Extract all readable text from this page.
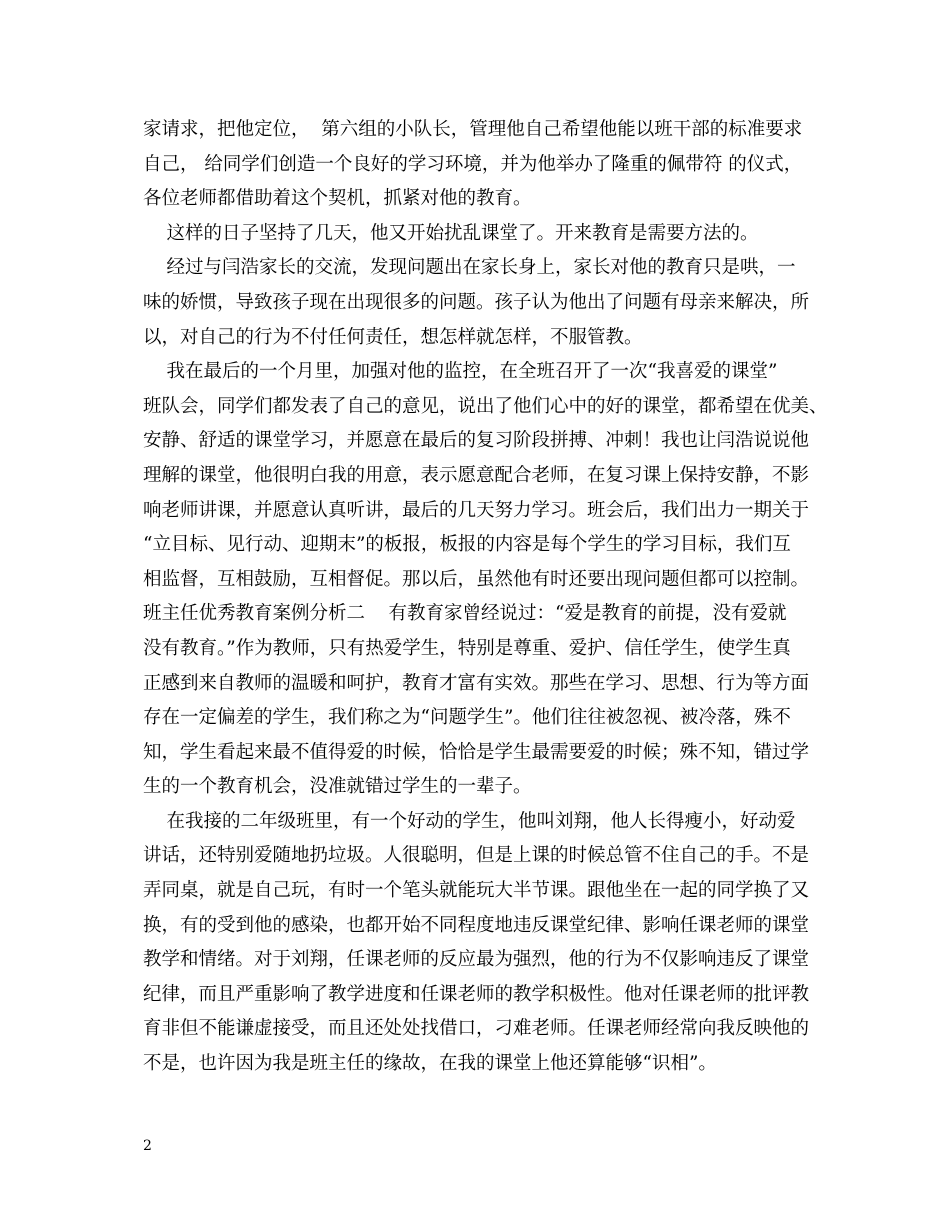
家请求，把他定位，  第六组的小队长，管理他自己希望他能以班干部的标准要求
自己， 给同学们创造一个良好的学习环境，并为他举办了隆重的佩带符 的仪式，
各位老师都借助着这个契机，抓紧对他的教育。
这样的日子坚持了几天，他又开始扰乱课堂了。开来教育是需要方法的。
经过与闫浩家长的交流，发现问题出在家长身上，家长对他的教育只是哄，一
味的娇惯，导致孩子现在出现很多的问题。孩子认为他出了问题有母亲来解决，所
以，对自己的行为不付任何责任，想怎样就怎样，不服管教。
我在最后的一个月里，加强对他的监控，在全班召开了一次“我喜爱的课堂”
班队会，同学们都发表了自己的意见，说出了他们心中的好的课堂，都希望在优美、
安静、舒适的课堂学习，并愿意在最后的复习阶段拼搏、冲刺！我也让闫浩说说他
理解的课堂，他很明白我的用意，表示愿意配合老师，在复习课上保持安静，不影
响老师讲课，并愿意认真听讲，最后的几天努力学习。班会后，我们出力一期关于
“立目标、见行动、迎期末”的板报，板报的内容是每个学生的学习目标，我们互
相监督，互相鼓励，互相督促。那以后，虽然他有时还要出现问题但都可以控制。
班主任优秀教育案例分析二    有教育家曾经说过：“爱是教育的前提，没有爱就
没有教育。”作为教师，只有热爱学生，特别是尊重、爱护、信任学生，使学生真
正感到来自教师的温暖和呵护，教育才富有实效。那些在学习、思想、行为等方面
存在一定偏差的学生，我们称之为“问题学生”。他们往往被忽视、被冷落，殊不
知，学生看起来最不值得爱的时候，恰恰是学生最需要爱的时候；殊不知，错过学
生的一个教育机会，没准就错过学生的一辈子。
在我接的二年级班里，有一个好动的学生，他叫刘翔，他人长得瘦小，好动爱
讲话，还特别爱随地扔垃圾。人很聪明，但是上课的时候总管不住自己的手。不是
弄同桌，就是自己玩，有时一个笔头就能玩大半节课。跟他坐在一起的同学换了又
换，有的受到他的感染，也都开始不同程度地违反课堂纪律、影响任课老师的课堂
教学和情绪。对于刘翔，任课老师的反应最为强烈，他的行为不仅影响违反了课堂
纪律，而且严重影响了教学进度和任课老师的教学积极性。他对任课老师的批评教
育非但不能谦虚接受，而且还处处找借口，刁难老师。任课老师经常向我反映他的
不是，也许因为我是班主任的缘故，在我的课堂上他还算能够“识相”。
2
